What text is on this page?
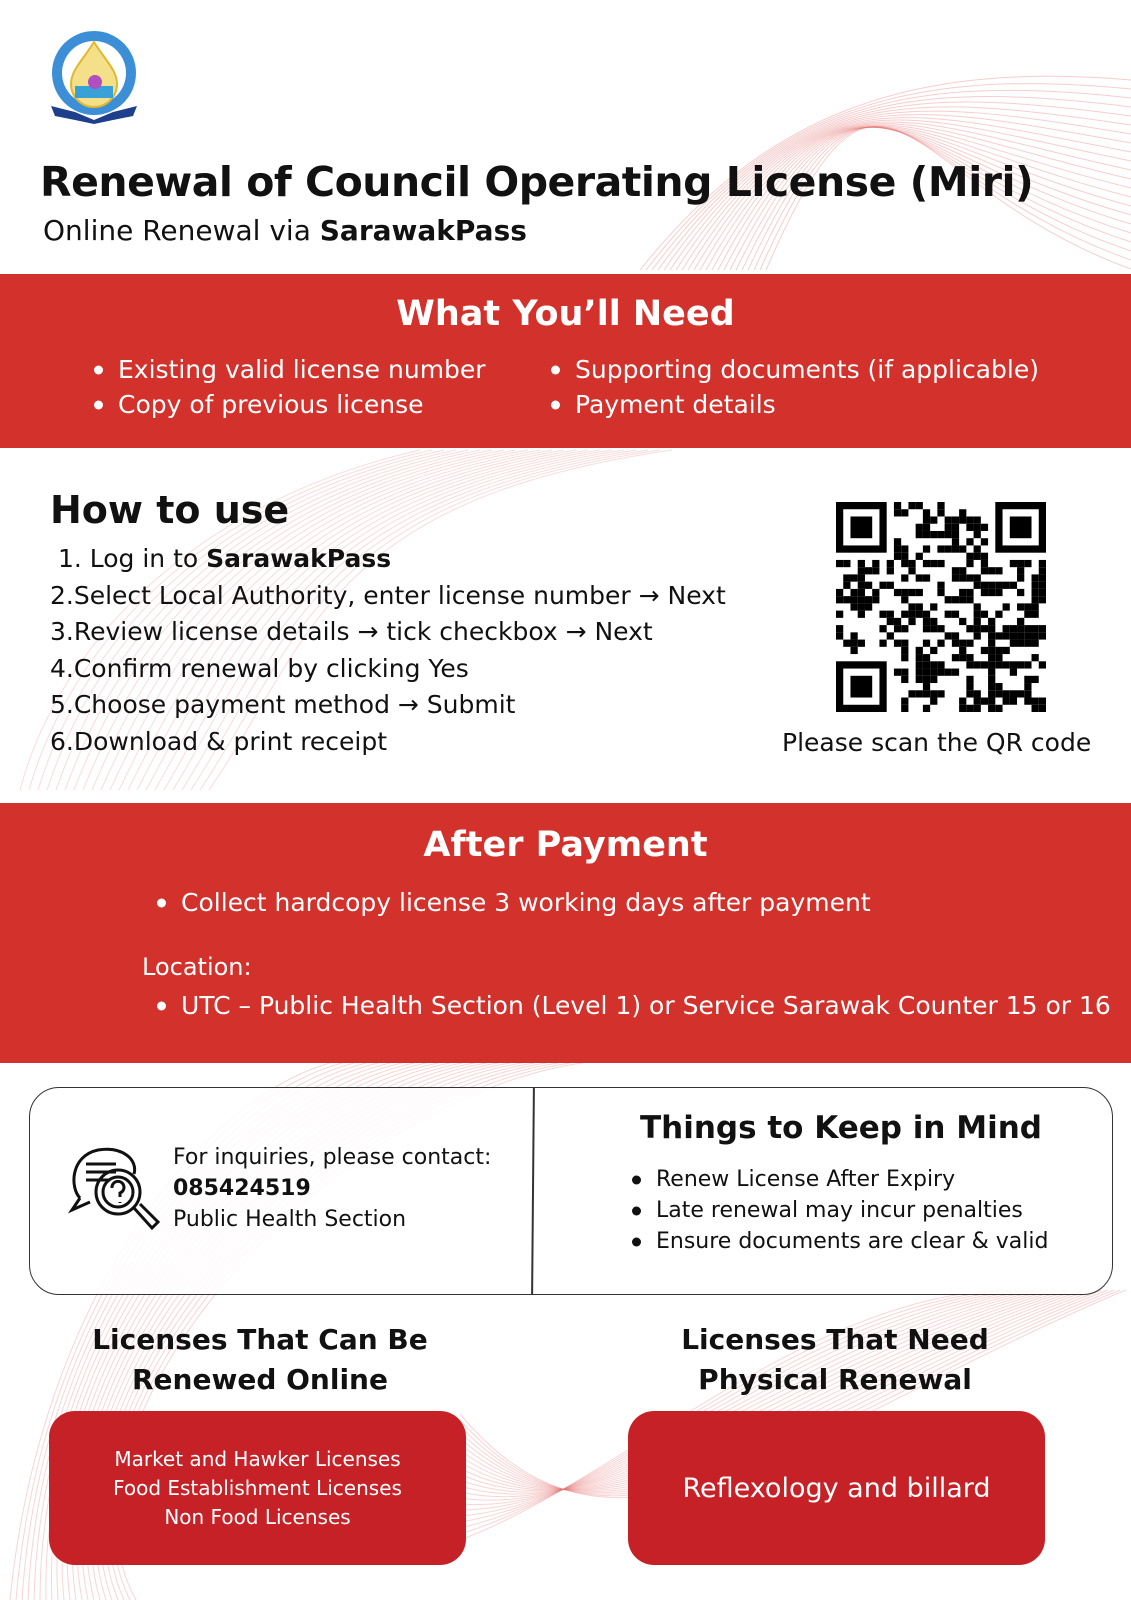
Renewal of Council Operating License (Miri)
Online Renewal via SarawakPass
What You’ll Need
Existing valid license number
Copy of previous license
Supporting documents (if applicable)
Payment details
How to use
1. Log in to SarawakPass
2.Select Local Authority, enter license number → Next
3.Review license details → tick checkbox → Next
4.Confirm renewal by clicking Yes
5.Choose payment method → Submit
6.Download & print receipt	Please scan the QR code
After Payment
Collect hardcopy license 3 working days after payment
Location:
UTC – Public Health Section (Level 1) or Service Sarawak Counter 15 or 16
For inquiries, please contact:
085424519
Public Health Section
Things to Keep in Mind
Renew License After Expiry
Late renewal may incur penalties
Ensure documents are clear & valid
Licenses That Can Be
Renewed Online
Licenses That Need
Physical Renewal
Market and Hawker Licenses
Food Establishment Licenses
Non Food Licenses
Reflexology and billard
